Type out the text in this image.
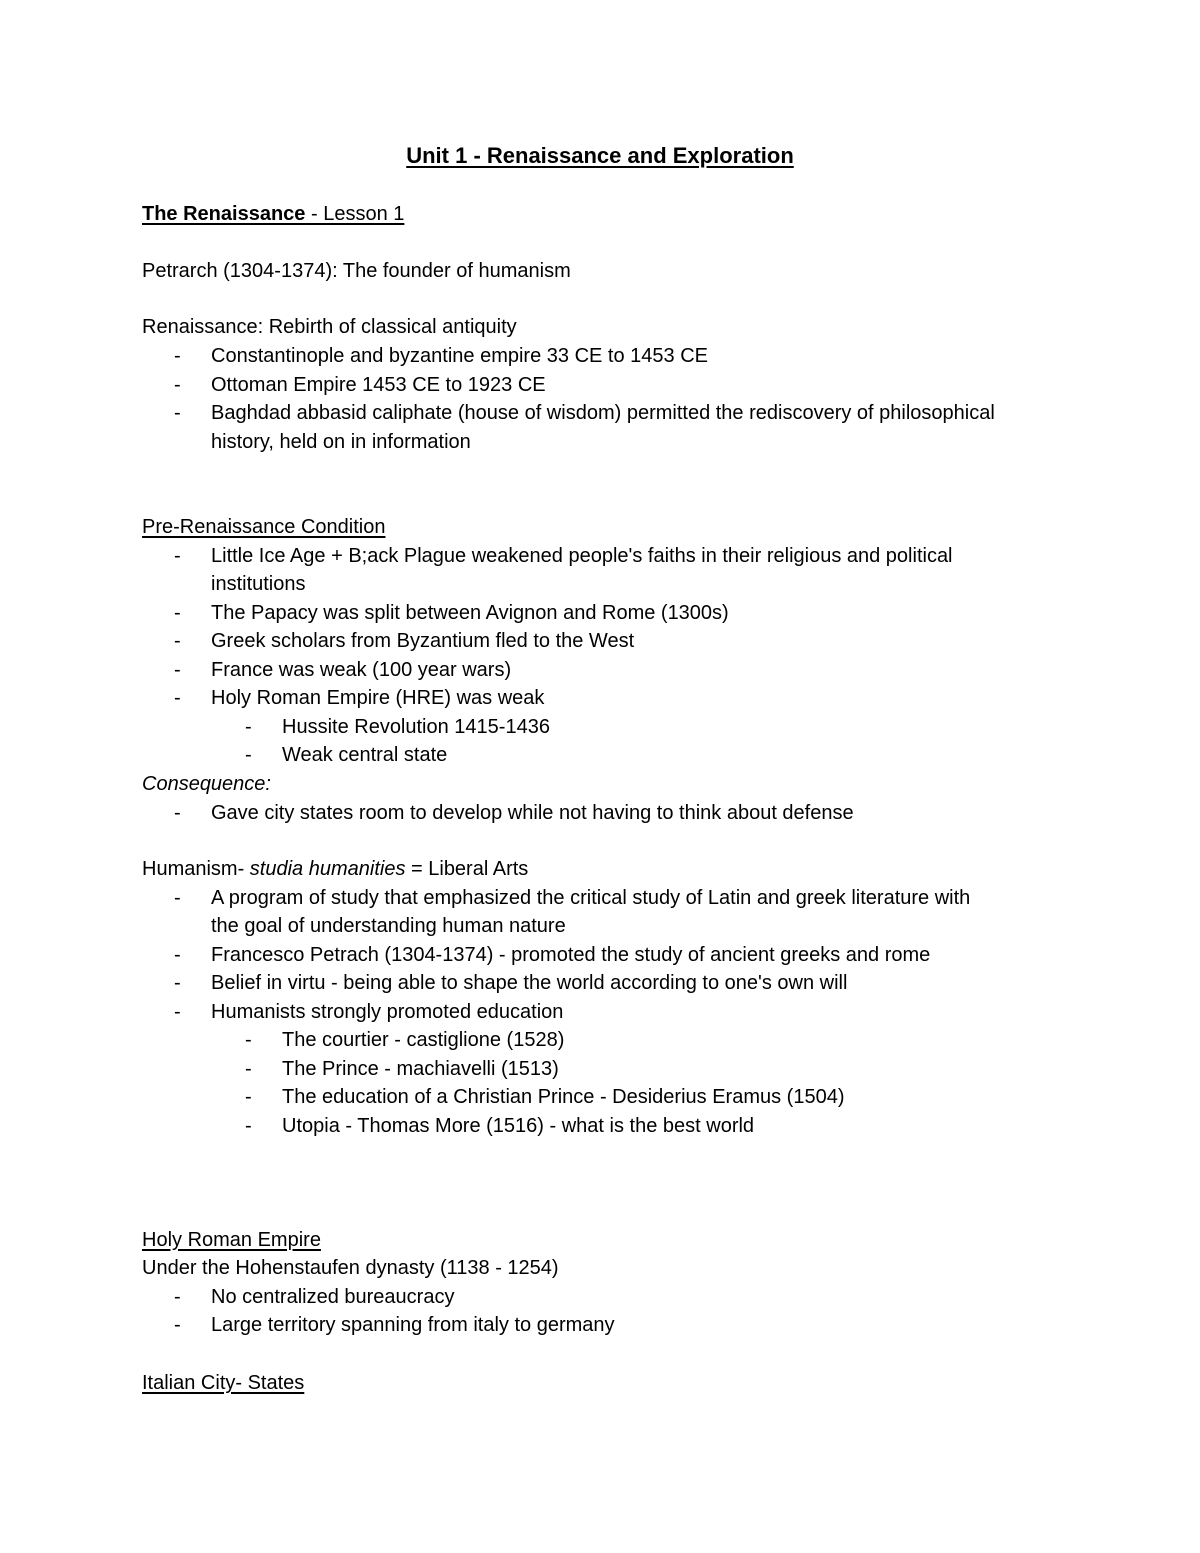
Unit 1 - Renaissance and Exploration
The Renaissance - Lesson 1
Petrarch (1304-1374): The founder of humanism
Renaissance: Rebirth of classical antiquity
- Constantinople and byzantine empire 33 CE to 1453 CE
- Ottoman Empire 1453 CE to 1923 CE
- Baghdad abbasid caliphate (house of wisdom) permitted the rediscovery of philosophical
history, held on in information
Pre-Renaissance Condition
- Little Ice Age + B;ack Plague weakened people's faiths in their religious and political
institutions
- The Papacy was split between Avignon and Rome (1300s)
- Greek scholars from Byzantium fled to the West
- France was weak (100 year wars)
- Holy Roman Empire (HRE) was weak
- Hussite Revolution 1415-1436
- Weak central state
Consequence:
- Gave city states room to develop while not having to think about defense
Humanism- studia humanities = Liberal Arts
- A program of study that emphasized the critical study of Latin and greek literature with
the goal of understanding human nature
- Francesco Petrach (1304-1374) - promoted the study of ancient greeks and rome
- Belief in virtu - being able to shape the world according to one's own will
- Humanists strongly promoted education
- The courtier - castiglione (1528)
- The Prince - machiavelli (1513)
- The education of a Christian Prince - Desiderius Eramus (1504)
- Utopia - Thomas More (1516) - what is the best world
Holy Roman Empire
Under the Hohenstaufen dynasty (1138 - 1254)
- No centralized bureaucracy
- Large territory spanning from italy to germany
Italian City- States
